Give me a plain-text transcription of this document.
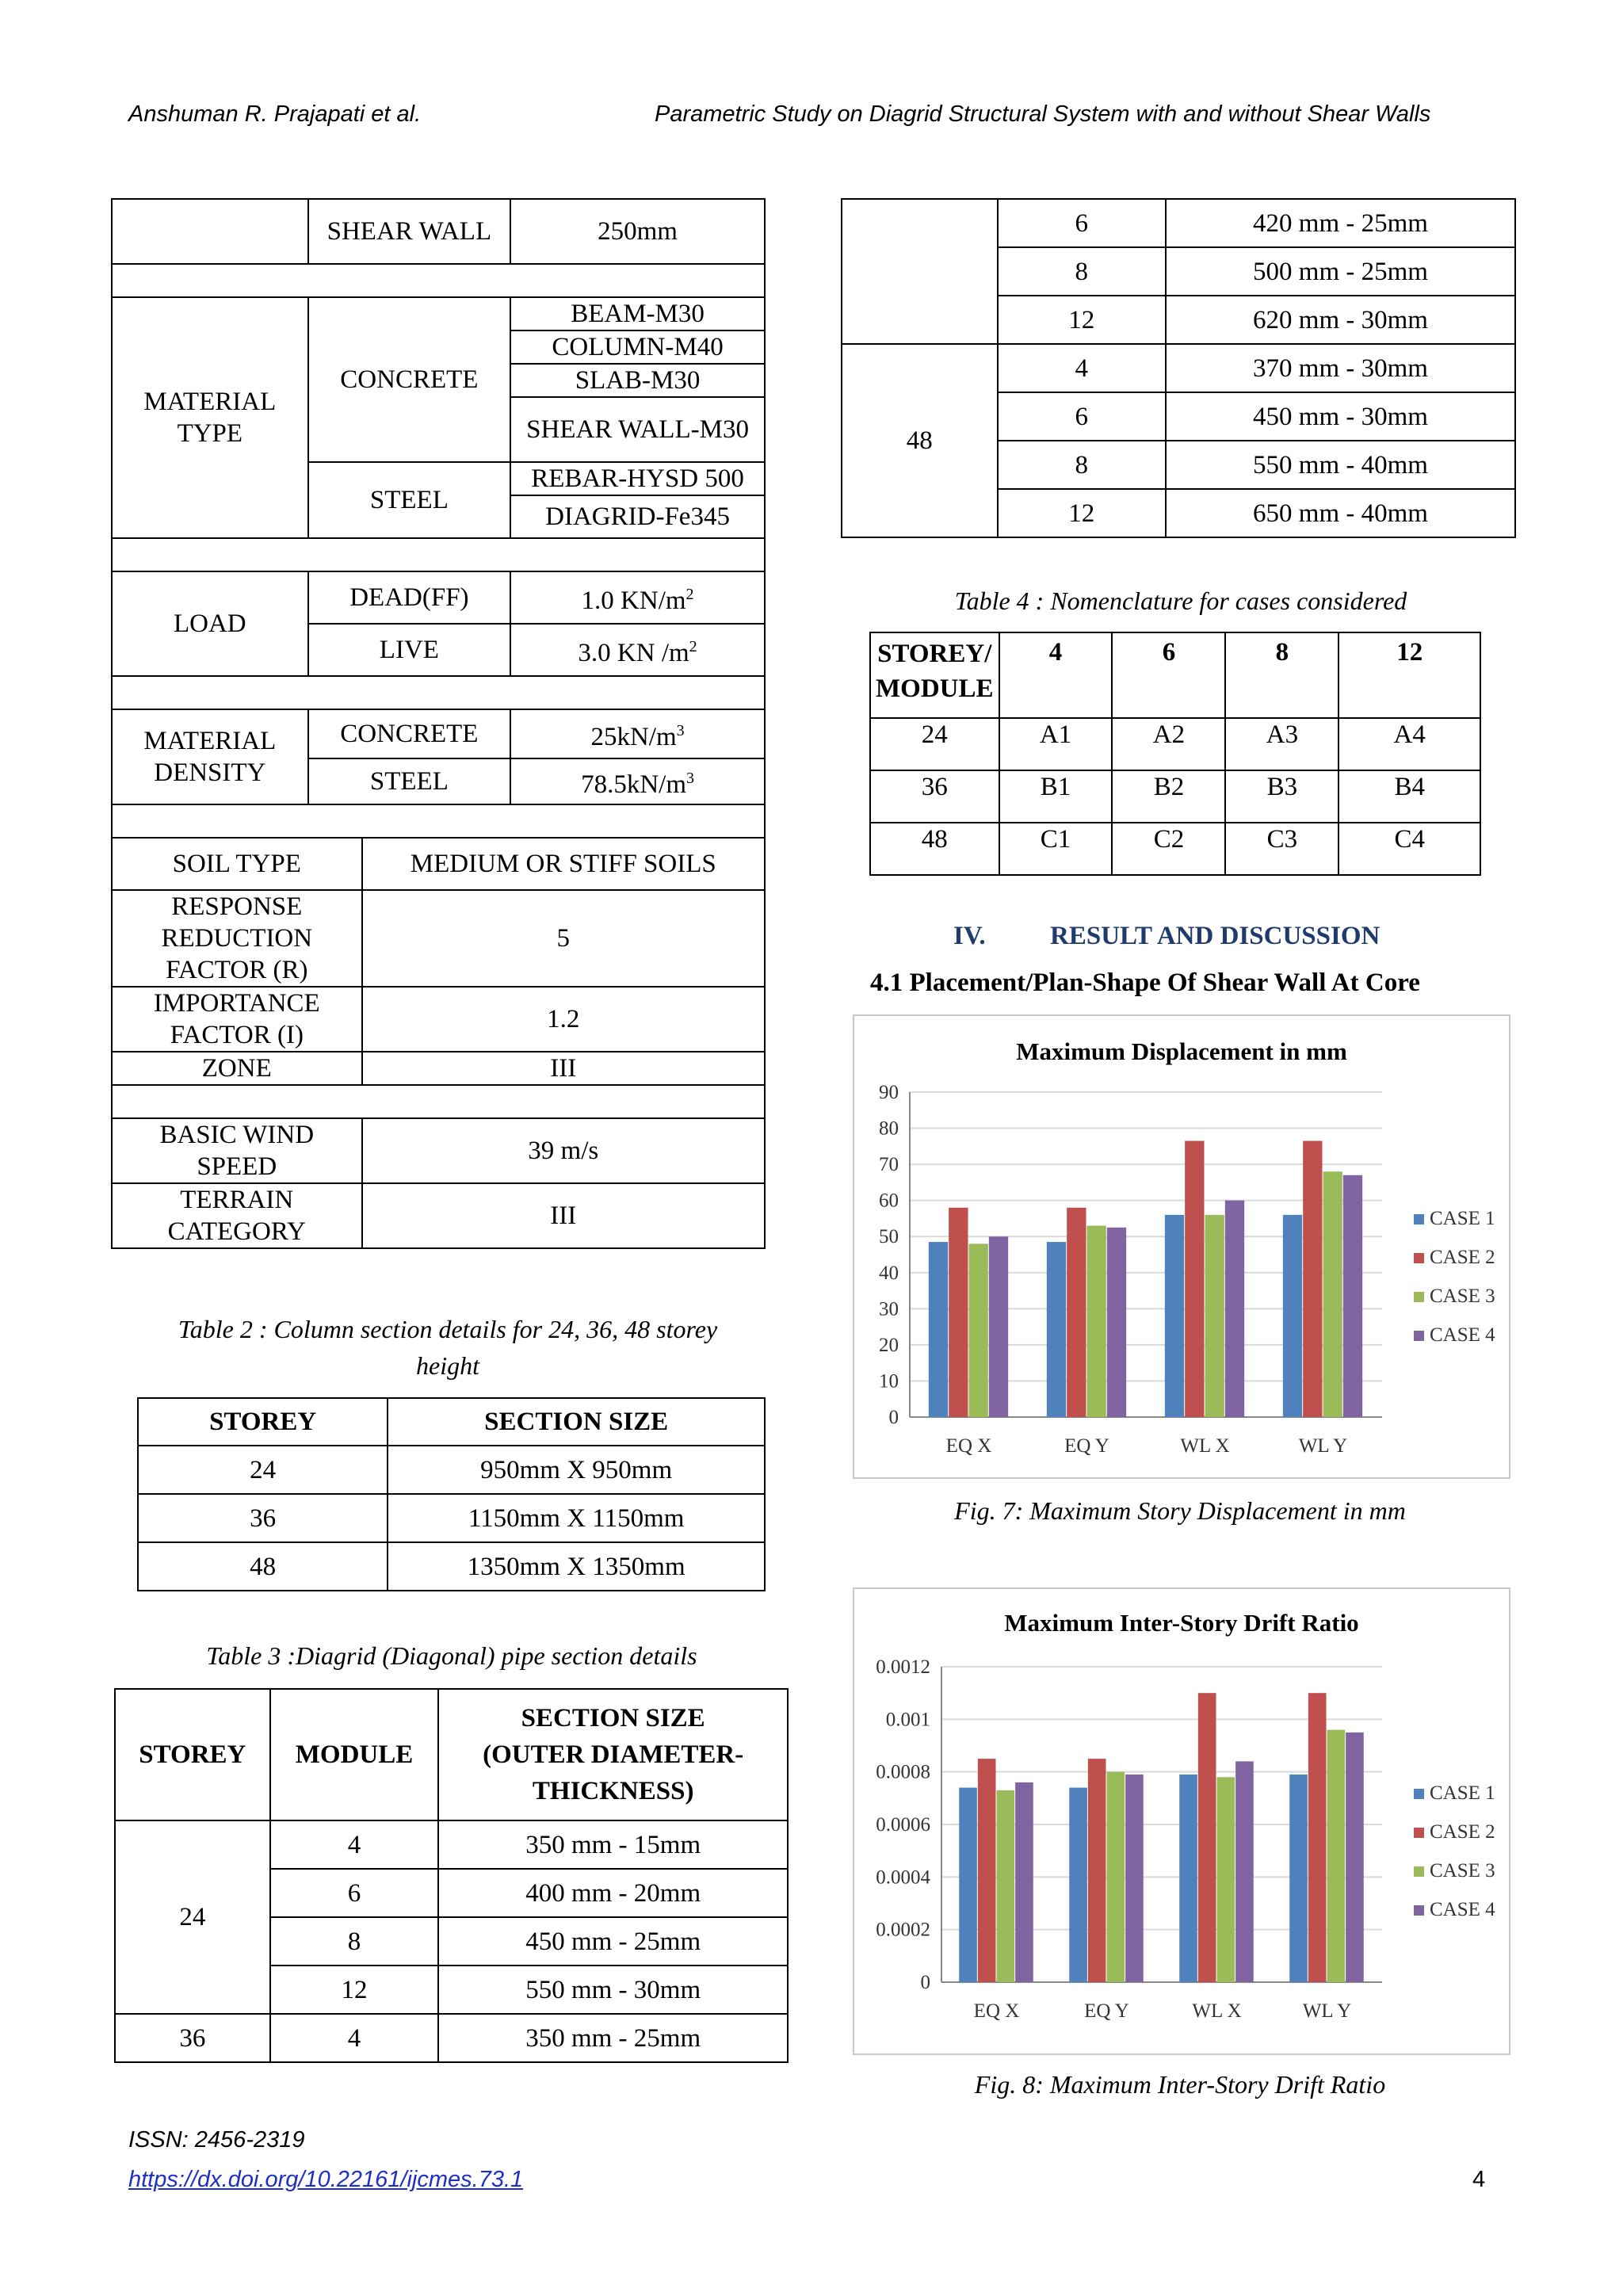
Anshuman R. Prajapati et al.	Parametric Study on Diagrid Structural System with and without Shear Walls
	SHEAR WALL		250mm

MATERIAL TYPE	CONCRETE		BEAM-M30
			COLUMN-M40
			SLAB-M30
			SHEAR WALL-M30
	STEEL		REBAR-HYSD 500
			DIAGRID-Fe345

LOAD	DEAD(FF)		1.0 $KN/m^2$
	LIVE		3.0 KN $/m^2$

MATERIAL DENSITY	CONCRETE		$25kN/m^3$
	STEEL		$78.5kN/m^3$

SOIL TYPE		MEDIUM OR STIFF SOILS	
RESPONSE REDUCTION FACTOR (R)		5	
IMPORTANCE FACTOR (I)		1.2	
ZONE		III	

BASIC WIND SPEED		39 m/s	
TERRAIN CATEGORY		III	
Table 2 : Column section details for 24, 36, 48 storey height
STOREY	SECTION SIZE
24	950mm X 950mm
36	1150mm X 1150mm
48	1350mm X 1350mm
Table 3 :Diagrid (Diagonal) pipe section details
STOREY	MODULE	SECTION SIZE
(OUTER DIAMETER-THICKNESS)

24	4	350 mm - 15mm
	6	400 mm - 20mm
	8	450 mm - 25mm
	12	550 mm - 30mm
36	4	350 mm - 25mm
	6	420 mm - 25mm
	8	500 mm - 25mm
	12	620 mm - 30mm
48	4	370 mm - 30mm
	6	450 mm - 30mm
	8	550 mm - 40mm
	12	650 mm - 40mm
Table 4 : Nomenclature for cases considered
STOREY/ MODULE	4	6	8	12
24	A1	A2	A3	A4
36	B1	B2	B3	B4
48	C1	C2	C3	C4
IV. RESULT AND DISCUSSION
4.1 Placement/Plan-Shape Of Shear Wall At Core
Maximum Displacement in mm
0
10
20
30
40
50
60
70
80
90
EQ X	EQ Y	WL X	WL Y
CASE 1
CASE 2
CASE 3
CASE 4
Fig. 7: Maximum Story Displacement in mm
Maximum Inter-Story Drift Ratio
0
0.0002
0.0004
0.0006
0.0008
0.001
0.0012
EQ X	EQ Y	WL X	WL Y
CASE 1
CASE 2
CASE 3
CASE 4
Fig. 8: Maximum Inter-Story Drift Ratio
ISSN: 2456-2319
https://dx.doi.org/10.22161/ijcmes.73.1	4
